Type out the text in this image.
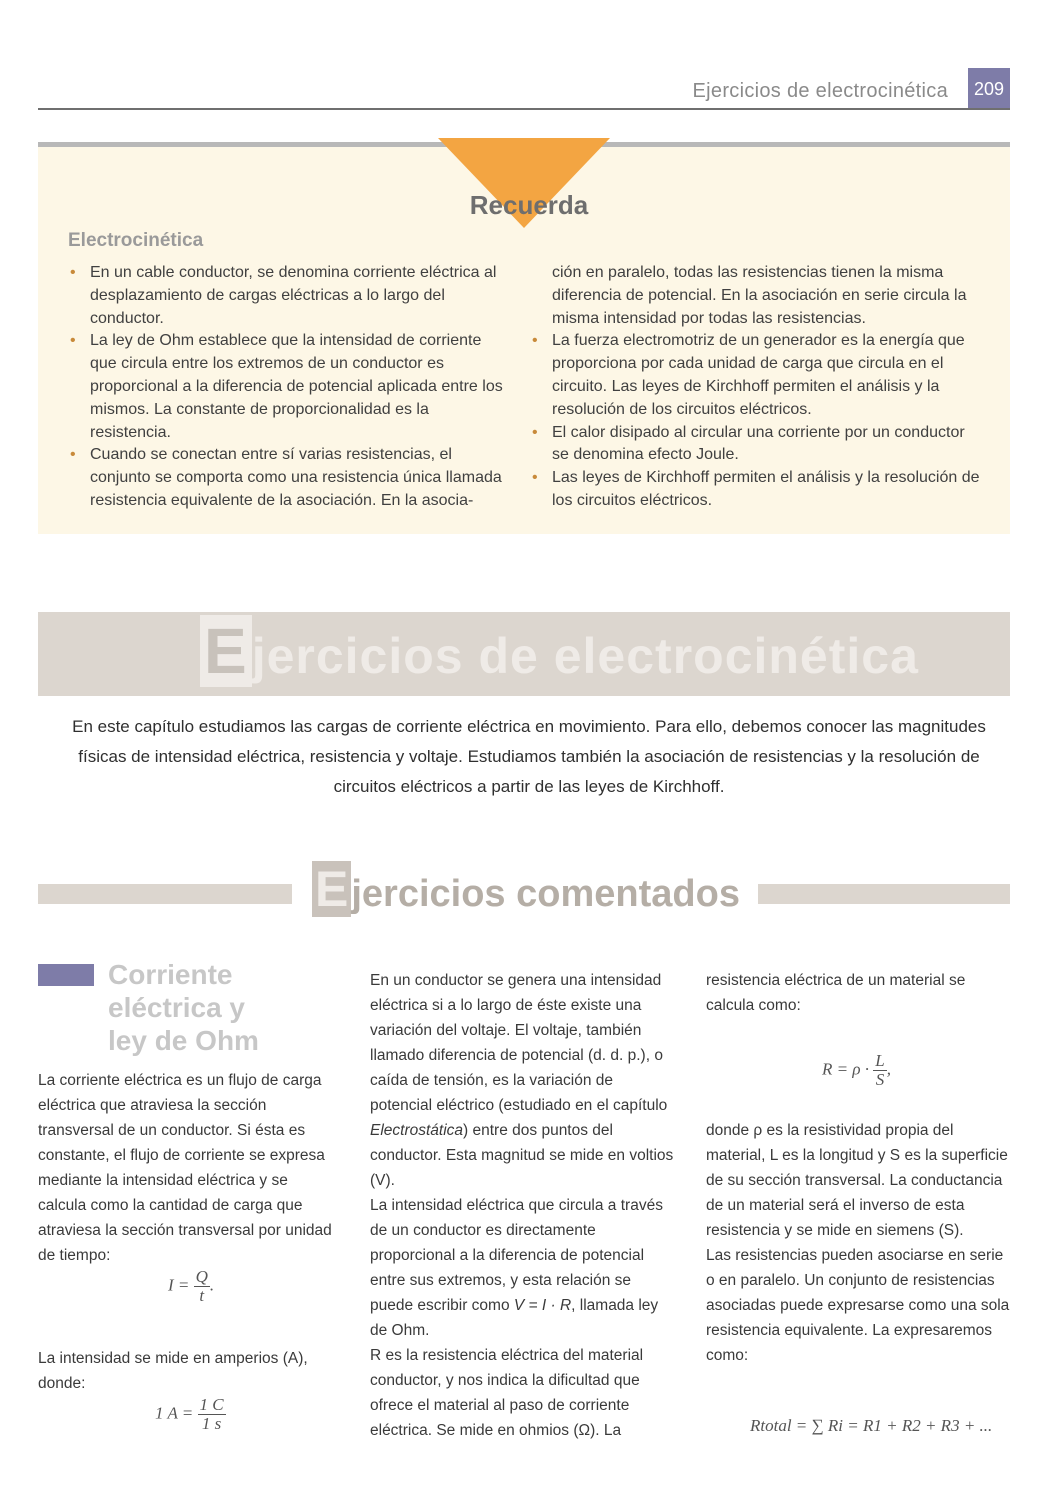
Ejercicios de electrocinética	209
Recuerda
Electrocinética
• En un cable conductor, se denomina corriente eléctrica al desplazamiento de cargas eléctricas a lo largo del conductor.
• La ley de Ohm establece que la intensidad de corriente que circula entre los extremos de un conductor es proporcional a la diferencia de potencial aplicada entre los mismos. La constante de proporcionalidad es la resistencia.
• Cuando se conectan entre sí varias resistencias, el conjunto se comporta como una resistencia única llamada resistencia equivalente de la asociación. En la asocia-
ción en paralelo, todas las resistencias tienen la misma diferencia de potencial. En la asociación en serie circula la misma intensidad por todas las resistencias.
• La fuerza electromotriz de un generador es la energía que proporciona por cada unidad de carga que circula en el circuito. Las leyes de Kirchhoff permiten el análisis y la resolución de los circuitos eléctricos.
• El calor disipado al circular una corriente por un conductor se denomina efecto Joule.
• Las leyes de Kirchhoff permiten el análisis y la resolución de los circuitos eléctricos.
Ejercicios de electrocinética
En este capítulo estudiamos las cargas de corriente eléctrica en movimiento. Para ello, debemos conocer las magnitudes físicas de intensidad eléctrica, resistencia y voltaje. Estudiamos también la asociación de resistencias y la resolución de circuitos eléctricos a partir de las leyes de Kirchhoff.
Ejercicios comentados
Corriente
eléctrica y
ley de Ohm

La corriente eléctrica es un flujo de carga eléctrica que atraviesa la sección transversal de un conductor. Si ésta es constante, el flujo de corriente se expresa mediante la intensidad eléctrica y se calcula como la cantidad de carga que atraviesa la sección transversal por unidad de tiempo:

$I = \frac{Q}{t}$ .

La intensidad se mide en amperios (A), donde:

1 $A = \frac{1 C}{1 s}$

En un conductor se genera una intensidad eléctrica si a lo largo de éste existe una variación del voltaje. El voltaje, también llamado diferencia de potencial (d. d. p.), o caída de tensión, es la variación de potencial eléctrico (estudiado en el capítulo Electrostática) entre dos puntos del conductor. Esta magnitud se mide en voltios (V).

La intensidad eléctrica que circula a través de un conductor es directamente proporcional a la diferencia de potencial entre sus extremos, y esta relación se puede escribir como V = I · R, llamada ley de Ohm.

R es la resistencia eléctrica del material conductor, y nos indica la dificultad que ofrece el material al paso de corriente eléctrica. Se mide en ohmios (Ω). La

resistencia eléctrica de un material se calcula como:

$R = \rho \cdot \frac{L}{S}$ ,

donde ρ es la resistividad propia del material, L es la longitud y S es la superficie de su sección transversal. La conductancia de un material será el inverso de esta resistencia y se mide en siemens (S).

Las resistencias pueden asociarse en serie o en paralelo. Un conjunto de resistencias asociadas puede expresarse como una sola resistencia equivalente. La expresaremos como:

Rtotal = ∑ Ri = R1 + R2 + R3 + ...
